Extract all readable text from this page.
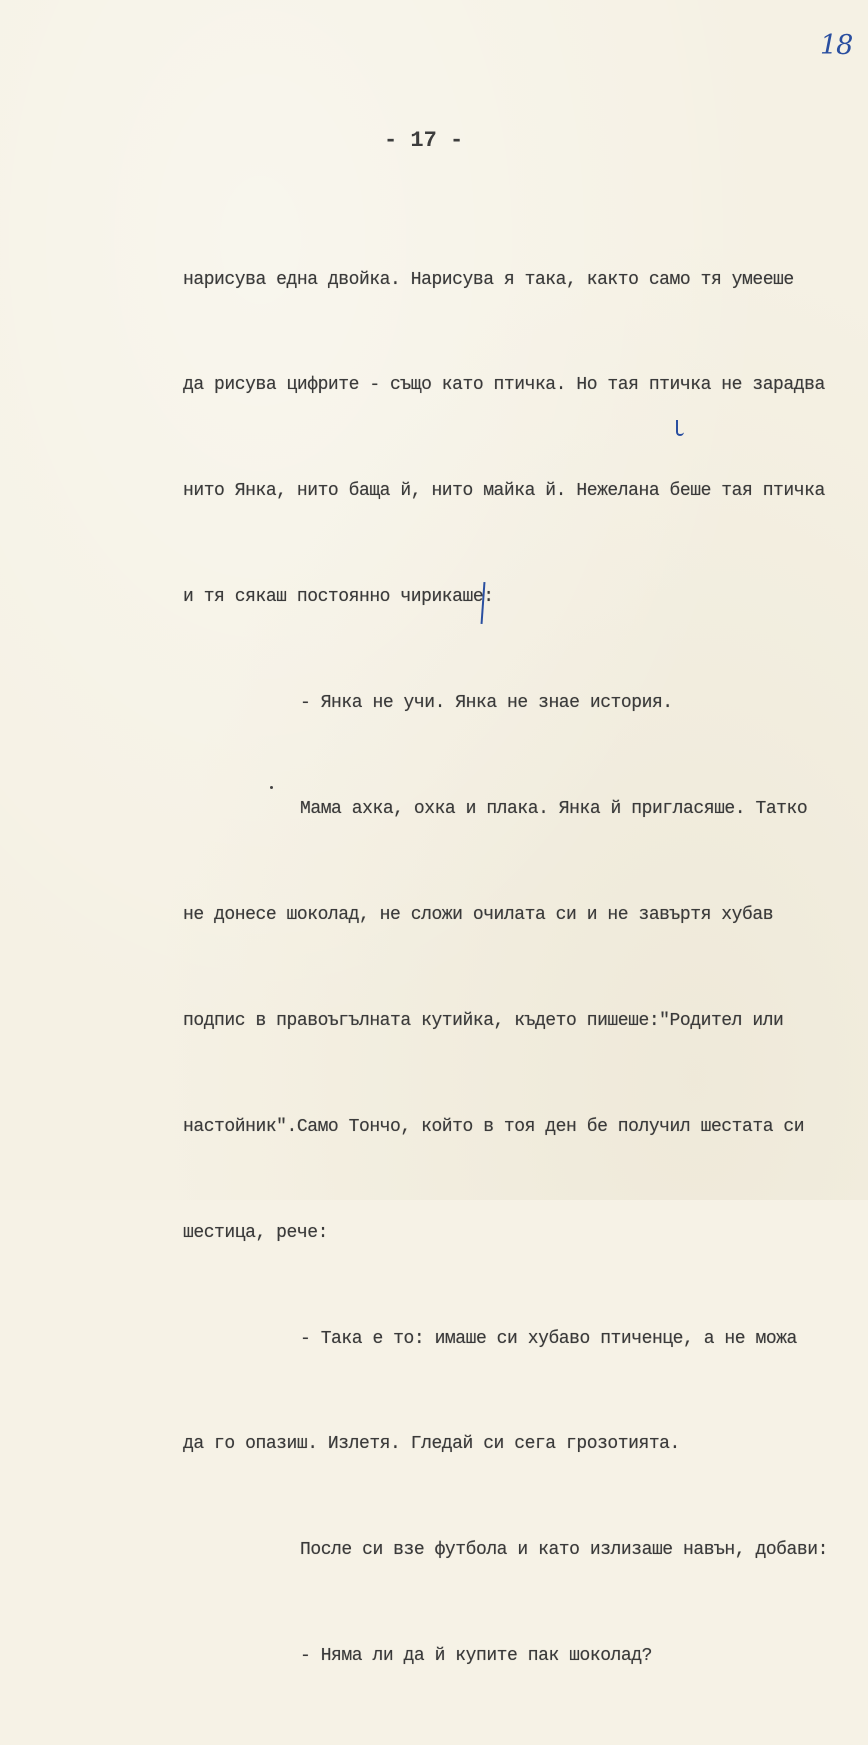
18
- 17 -

нарисува една двойка. Нарисува я така, както само тя умееше

да рисува цифрите - също като птичка. Но тая птичка не зарадва

нито Янка, нито баща й, нито майка й. Нежелана беше тая птичка

и тя сякаш постоянно чирикаше:

- Янка не учи. Янка не знае история.

Мама ахка, охка и плака. Янка й пригласяше. Татко

не донесе шоколад, не сложи очилата си и не завъртя хубав

подпис в правоъгълната кутийка, където пишеше:"Родител или

настойник".Само Тончо, който в тоя ден бе получил шестата си

шестица, рече:

- Така е то: имаше си хубаво птиченце, а не можа

да го опазиш. Излетя. Гледай си сега грозотията.

После си взе футбола и като излизаше навън, добави:

- Няма ли да й купите пак шоколад?
